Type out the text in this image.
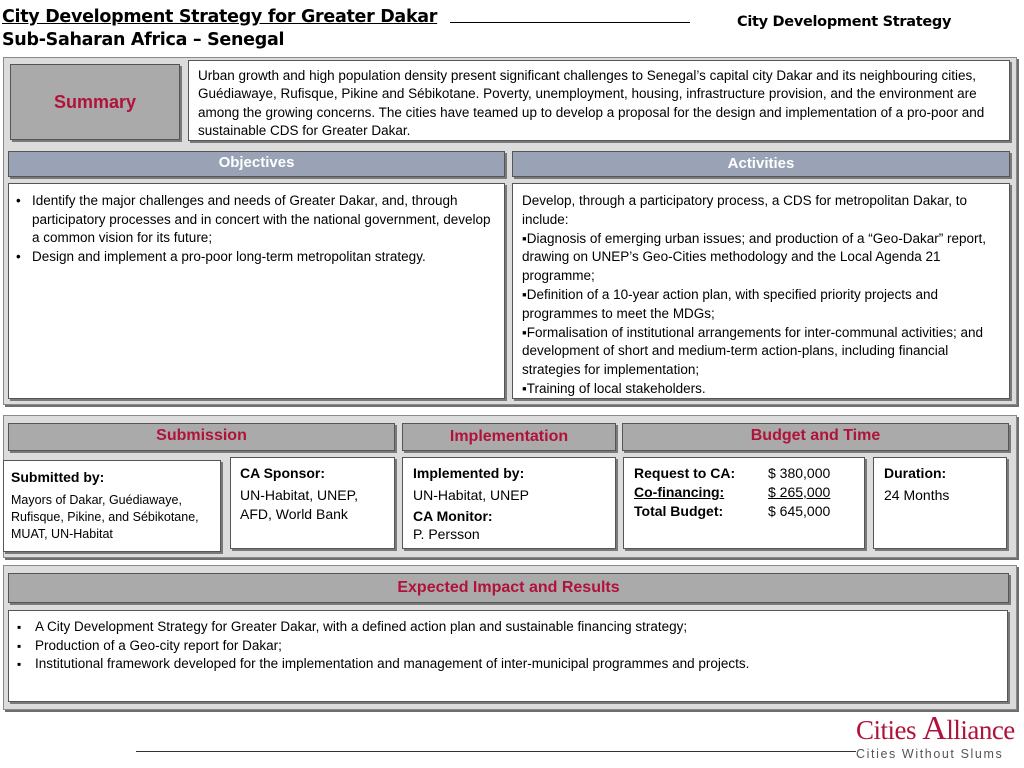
City Development Strategy for Greater Dakar
Sub-Saharan Africa – Senegal
City Development Strategy
Summary
Urban growth and high population density present significant challenges to Senegal’s capital city Dakar and its neighbouring cities, Guédiawaye, Rufisque, Pikine and Sébikotane. Poverty, unemployment, housing, infrastructure provision, and the environment are among the growing concerns. The cities have teamed up to develop a proposal for the design and implementation of a pro-poor and sustainable CDS for Greater Dakar.
Objectives	Activities
• Identify the major challenges and needs of Greater Dakar, and, through participatory processes and in concert with the national government, develop a common vision for its future;
• Design and implement a pro-poor long-term metropolitan strategy.
Develop, through a participatory process, a CDS for metropolitan Dakar, to include:
▪Diagnosis of emerging urban issues; and production of a “Geo-Dakar” report, drawing on UNEP’s Geo-Cities methodology and the Local Agenda 21 programme;
▪Definition of a 10-year action plan, with specified priority projects and programmes to meet the MDGs;
▪Formalisation of institutional arrangements for inter-communal activities; and development of short and medium-term action-plans, including financial strategies for implementation;
▪Training of local stakeholders.
Submission	Implementation	Budget and Time
Submitted by:
Mayors of Dakar, Guédiawaye, Rufisque, Pikine, and Sébikotane, MUAT, UN-Habitat
CA Sponsor:
UN-Habitat, UNEP, AFD, World Bank
Implemented by:
UN-Habitat, UNEP
CA Monitor:
P. Persson
Request to CA:	$ 380,000
Co-financing:	$ 265,000
Total Budget:	$ 645,000
Duration:
24 Months
Expected Impact and Results
▪ A City Development Strategy for Greater Dakar, with a defined action plan and sustainable financing strategy;
▪ Production of a Geo-city report for Dakar;
▪ Institutional framework developed for the implementation and management of inter-municipal programmes and projects.
Cities Alliance
Cities Without Slums
